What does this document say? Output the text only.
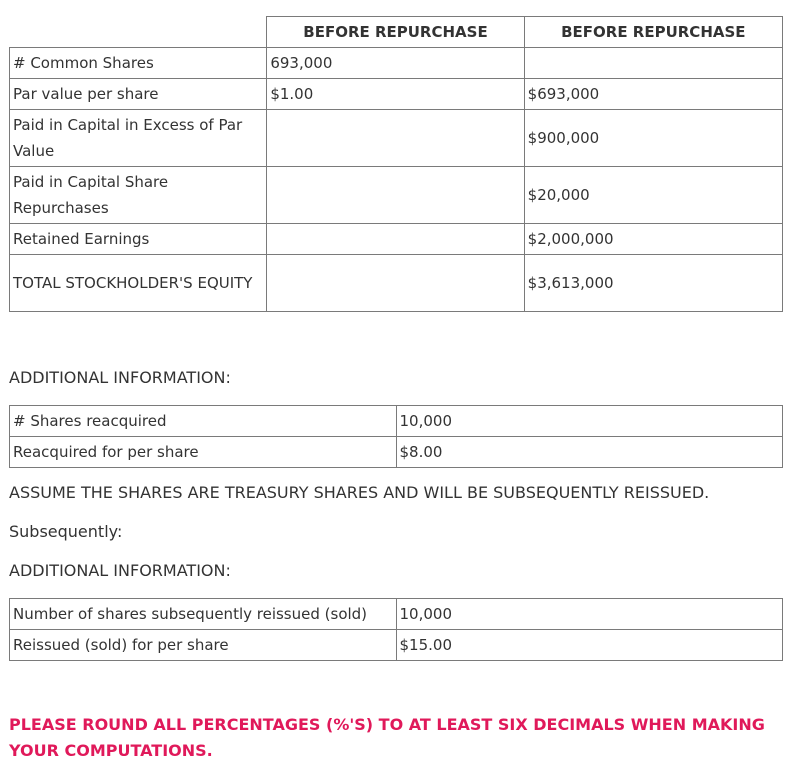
	BEFORE REPURCHASE	BEFORE REPURCHASE
# Common Shares	693,000	
Par value per share	$1.00	$693,000
Paid in Capital in Excess of Par Value		$900,000
Paid in Capital Share Repurchases		$20,000
Retained Earnings		$2,000,000
TOTAL STOCKHOLDER'S EQUITY		$3,613,000

ADDITIONAL INFORMATION:

# Shares reacquired	10,000
Reacquired for per share	$8.00

ASSUME THE SHARES ARE TREASURY SHARES AND WILL BE SUBSEQUENTLY REISSUED.

Subsequently:

ADDITIONAL INFORMATION:

Number of shares subsequently reissued (sold)	10,000
Reissued (sold) for per share	$15.00

PLEASE ROUND ALL PERCENTAGES (%'S) TO AT LEAST SIX DECIMALS WHEN MAKING YOUR COMPUTATIONS.
